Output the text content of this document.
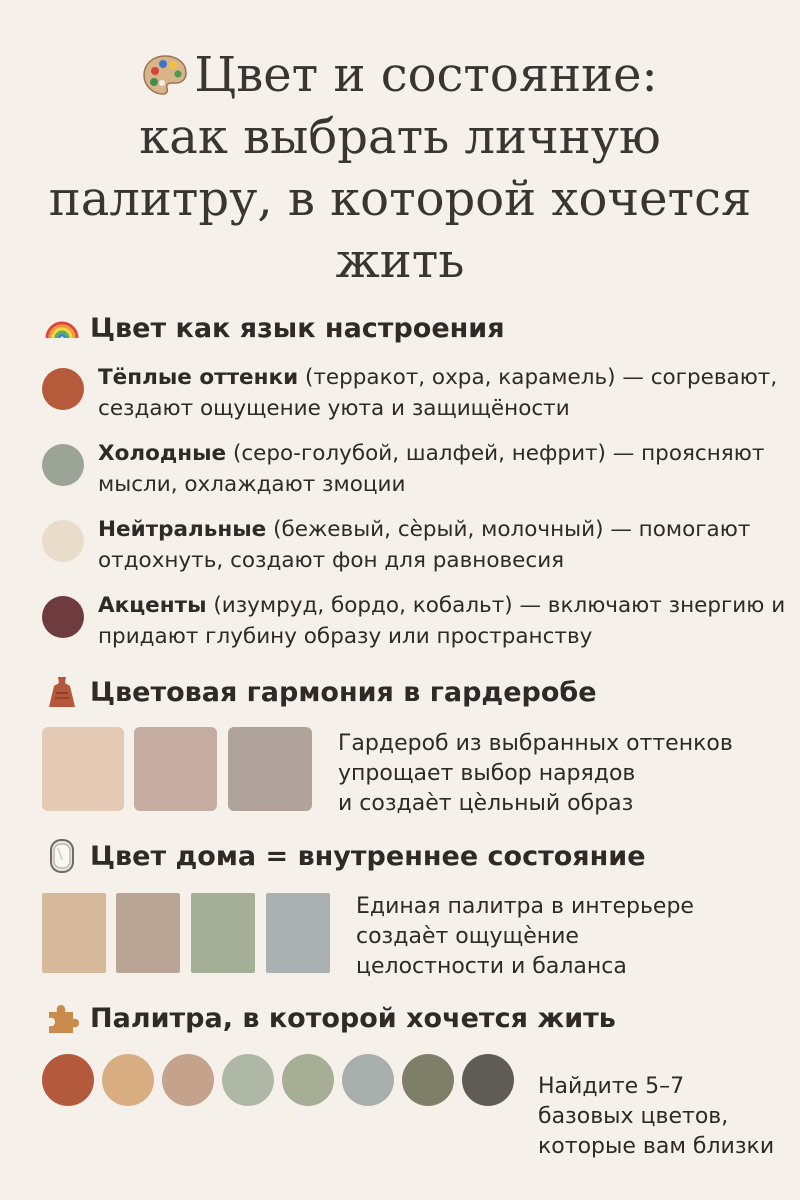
Цвет и состояние:
как выбрать личную
палитру, в которой хочется
жить
Цвет как язык настроения
Тёплые оттенки (терракот, охра, карамель) — согревают, сездают ощущение уюта и защищёности
Холодные (серо-голубой, шалфей, нефрит) — проясняют мысли, охлаждают змоции
Нейтральные (бежевый, сѐрый, молочный) — помогают отдохнуть, создают фон для равновесия
Акценты (изумруд, бордо, кобальт) — включают знергию и придают глубину образу или пространству
Цветовая гармония в гардеробе
Гардероб из выбранных оттенков
упрощает выбор нарядов
и создаѐт цѐльный образ
Цвет дома = внутреннее состояние
Единая палитра в интерьере
создаѐт ощущѐние
целостности и баланса
Палитра, в которой хочется жить
Найдите 5–7
базовых цветов,
которые вам близки
